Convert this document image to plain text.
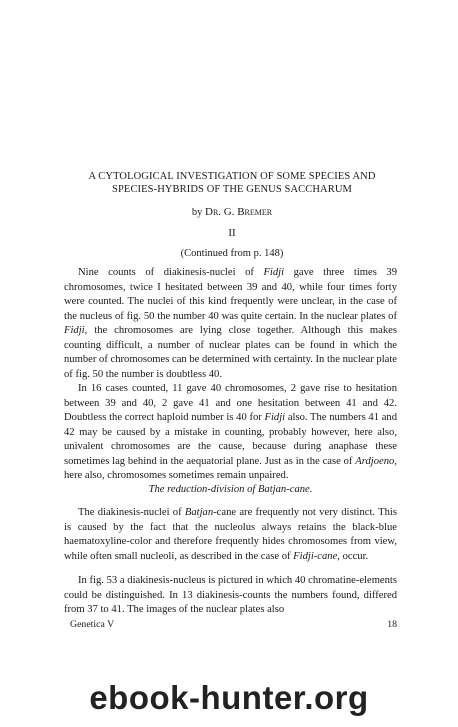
A CYTOLOGICAL INVESTIGATION OF SOME SPECIES AND
SPECIES-HYBRIDS OF THE GENUS SACCHARUM
by Dr. G. Bremer
II
(Continued from p. 148)

Nine counts of diakinesis-nuclei of Fidji gave three times 39 chromosomes, twice I hesitated between 39 and 40, while four times forty were counted. The nuclei of this kind frequently were unclear, in the case of the nucleus of fig. 50 the number 40 was quite certain. In the nuclear plates of Fidji, the chromosomes are lying close together. Although this makes counting difficult, a number of nuclear plates can be found in which the number of chromosomes can be determined with certainty. In the nuclear plate of fig. 50 the number is doubtless 40.

In 16 cases counted, 11 gave 40 chromosomes, 2 gave rise to hesitation between 39 and 40, 2 gave 41 and one hesitation between 41 and 42. Doubtless the correct haploid number is 40 for Fidji also. The numbers 41 and 42 may be caused by a mistake in counting, probably however, here also, univalent chromosomes are the cause, because during anaphase these sometimes lag behind in the aequatorial plane. Just as in the case of Ardjoeno, here also, chromosomes sometimes remain unpaired.

The reduction-division of Batjan-cane.

The diakinesis-nuclei of Batjan-cane are frequently not very distinct. This is caused by the fact that the nucleolus always retains the black-blue haematoxyline-color and therefore frequently hides chromosomes from view, while often small nucleoli, as described in the case of Fidji-cane, occur.

In fig. 53 a diakinesis-nucleus is pictured in which 40 chromatine-elements could be distinguished. In 13 diakinesis-counts the numbers found, differed from 37 to 41. The images of the nuclear plates also

Genetica V	18
ebook-hunter.org
